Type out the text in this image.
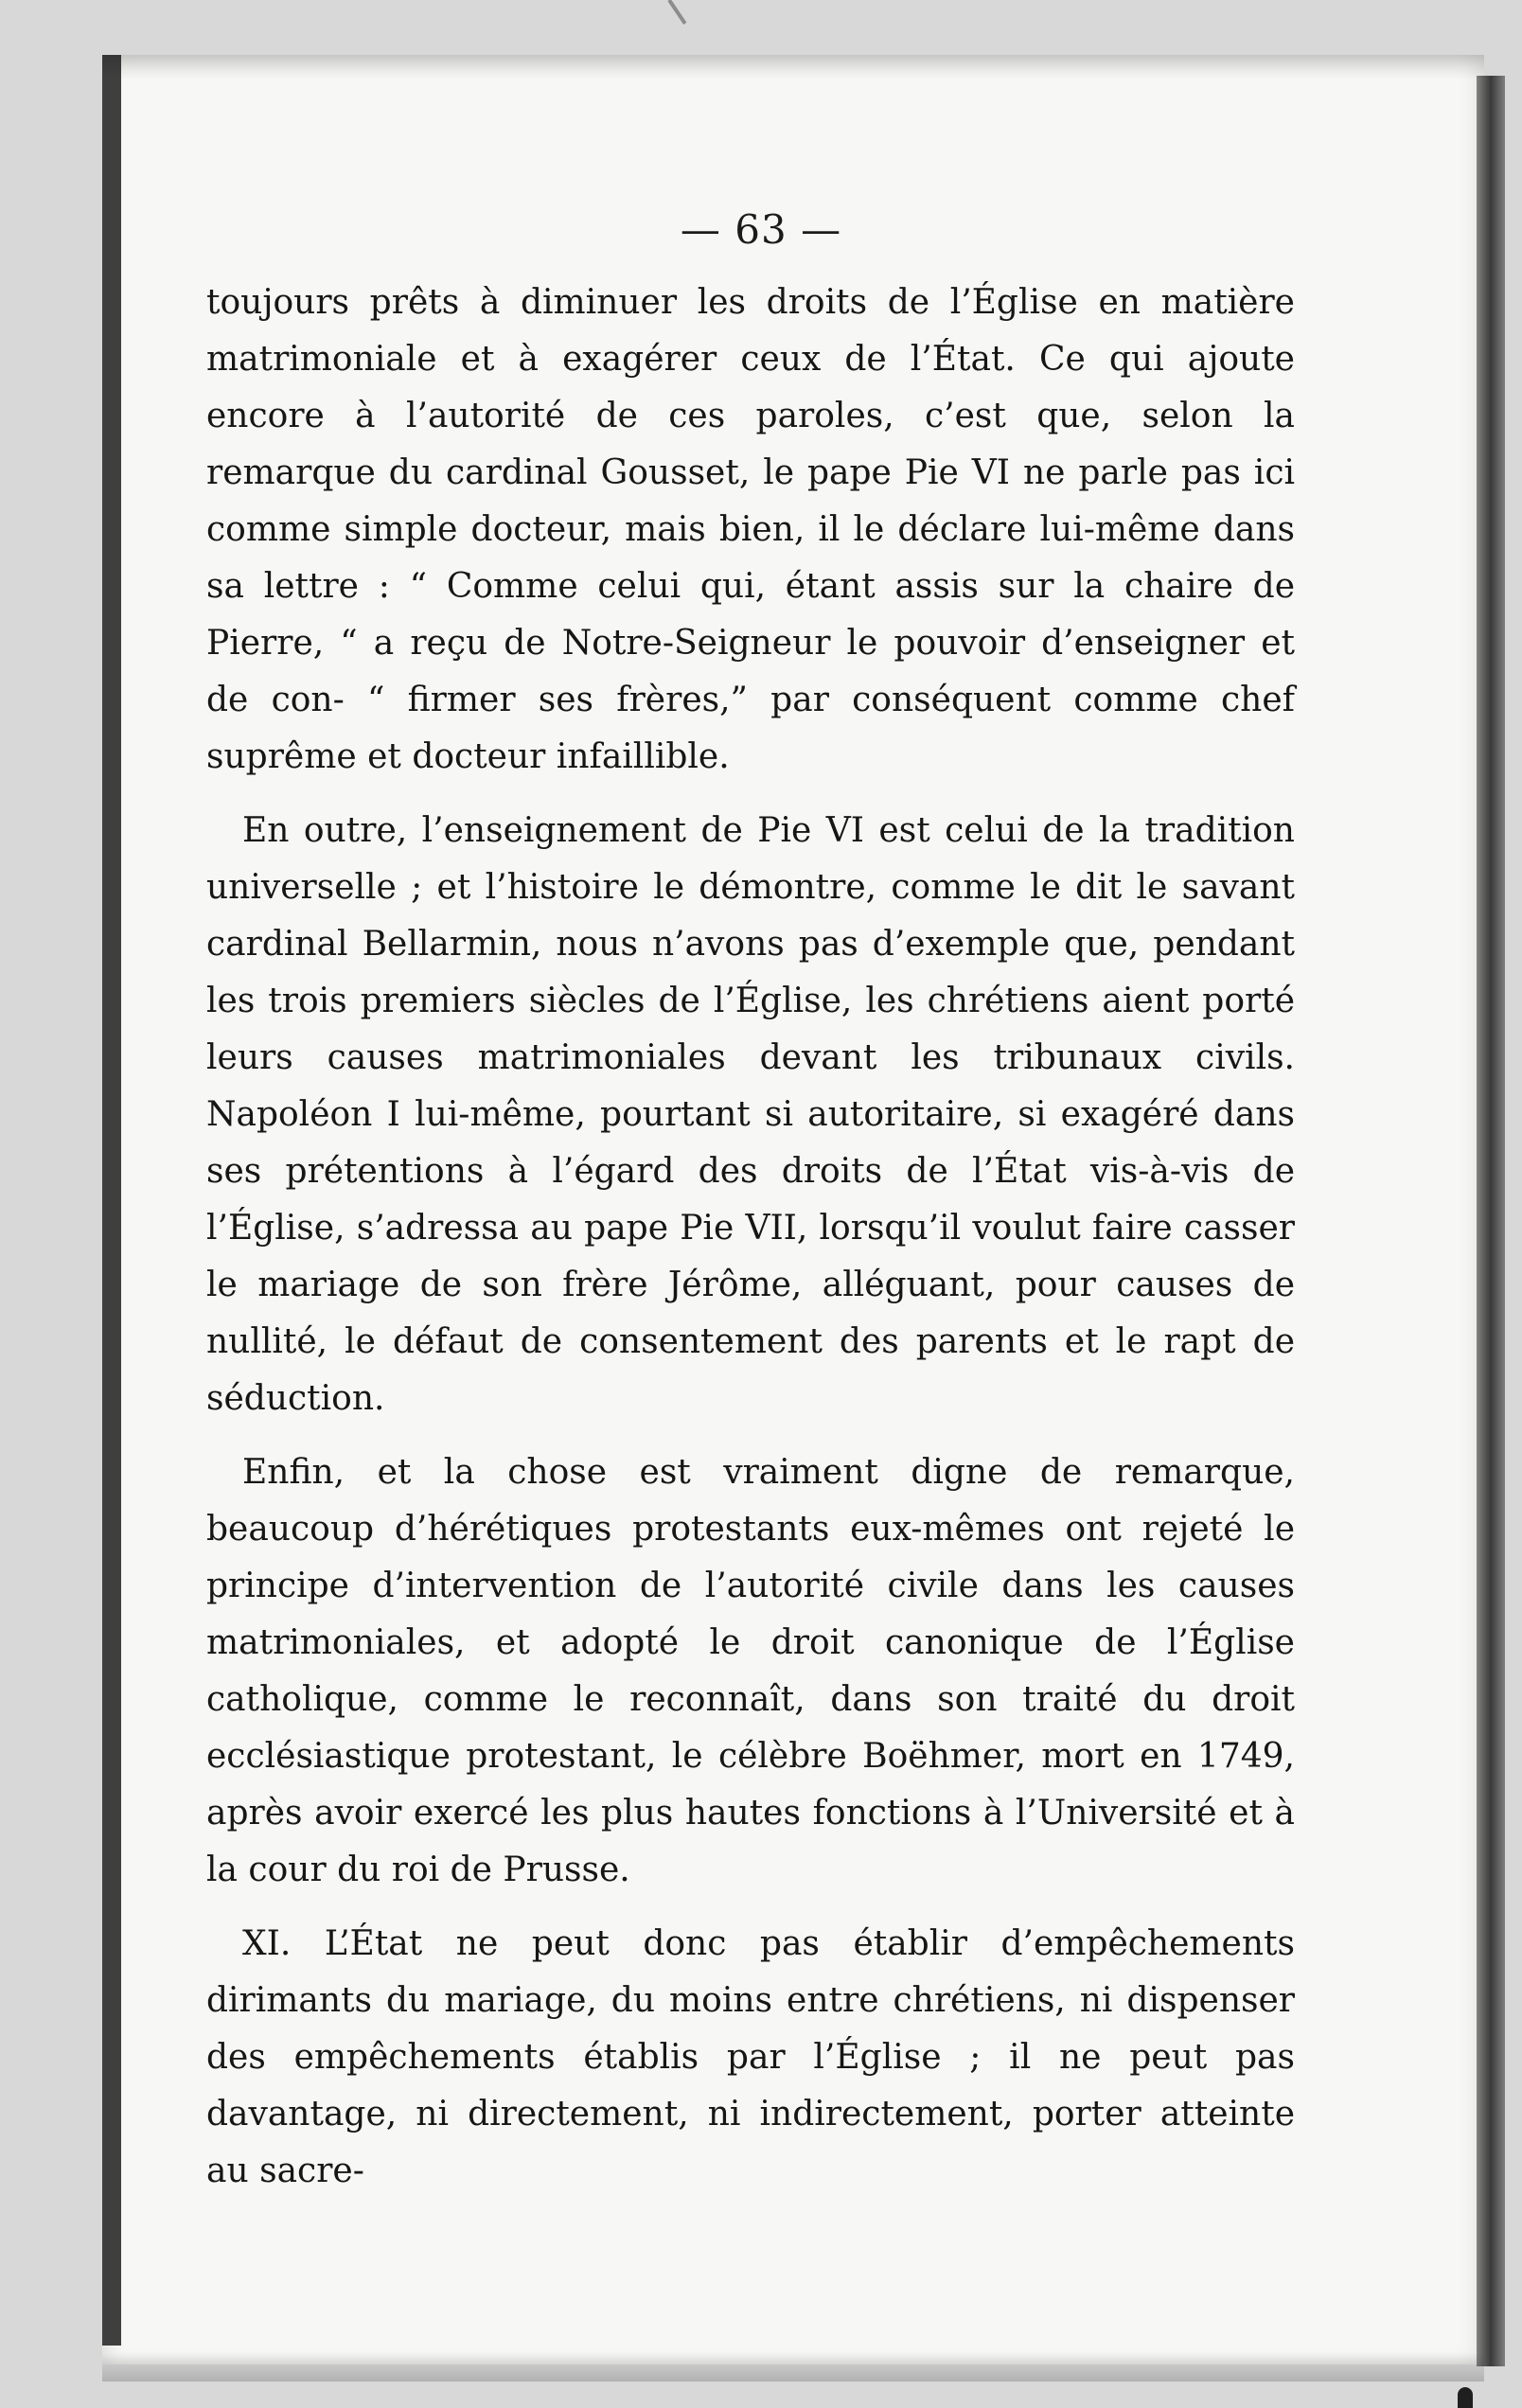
— 63 —

toujours prêts à diminuer les droits de l’Église en matière matrimoniale et à exagérer ceux de l’État. Ce qui ajoute encore à l’autorité de ces paroles, c’est que, selon la remarque du cardinal Gousset, le pape Pie VI ne parle pas ici comme simple docteur, mais bien, il le déclare lui-même dans sa lettre : “ Comme celui qui, étant assis sur la chaire de Pierre, “ a reçu de Notre-Seigneur le pouvoir d’enseigner et de con- “ firmer ses frères,” par conséquent comme chef suprême et docteur infaillible.

En outre, l’enseignement de Pie VI est celui de la tradition universelle ; et l’histoire le démontre, comme le dit le savant cardinal Bellarmin, nous n’avons pas d’exemple que, pendant les trois premiers siècles de l’Église, les chrétiens aient porté leurs causes matrimoniales devant les tribunaux civils. Napoléon I lui-même, pourtant si autoritaire, si exagéré dans ses prétentions à l’égard des droits de l’État vis-à-vis de l’Église, s’adressa au pape Pie VII, lorsqu’il voulut faire casser le mariage de son frère Jérôme, alléguant, pour causes de nullité, le défaut de consentement des parents et le rapt de séduction.

Enfin, et la chose est vraiment digne de remarque, beaucoup d’hérétiques protestants eux-mêmes ont rejeté le principe d’intervention de l’autorité civile dans les causes matrimoniales, et adopté le droit canonique de l’Église catholique, comme le reconnaît, dans son traité du droit ecclésiastique protestant, le célèbre Boëhmer, mort en 1749, après avoir exercé les plus hautes fonctions à l’Université et à la cour du roi de Prusse.

XI. L’État ne peut donc pas établir d’empêchements dirimants du mariage, du moins entre chrétiens, ni dispenser des empêchements établis par l’Église ; il ne peut pas davantage, ni directement, ni indirectement, porter atteinte au sacre-
